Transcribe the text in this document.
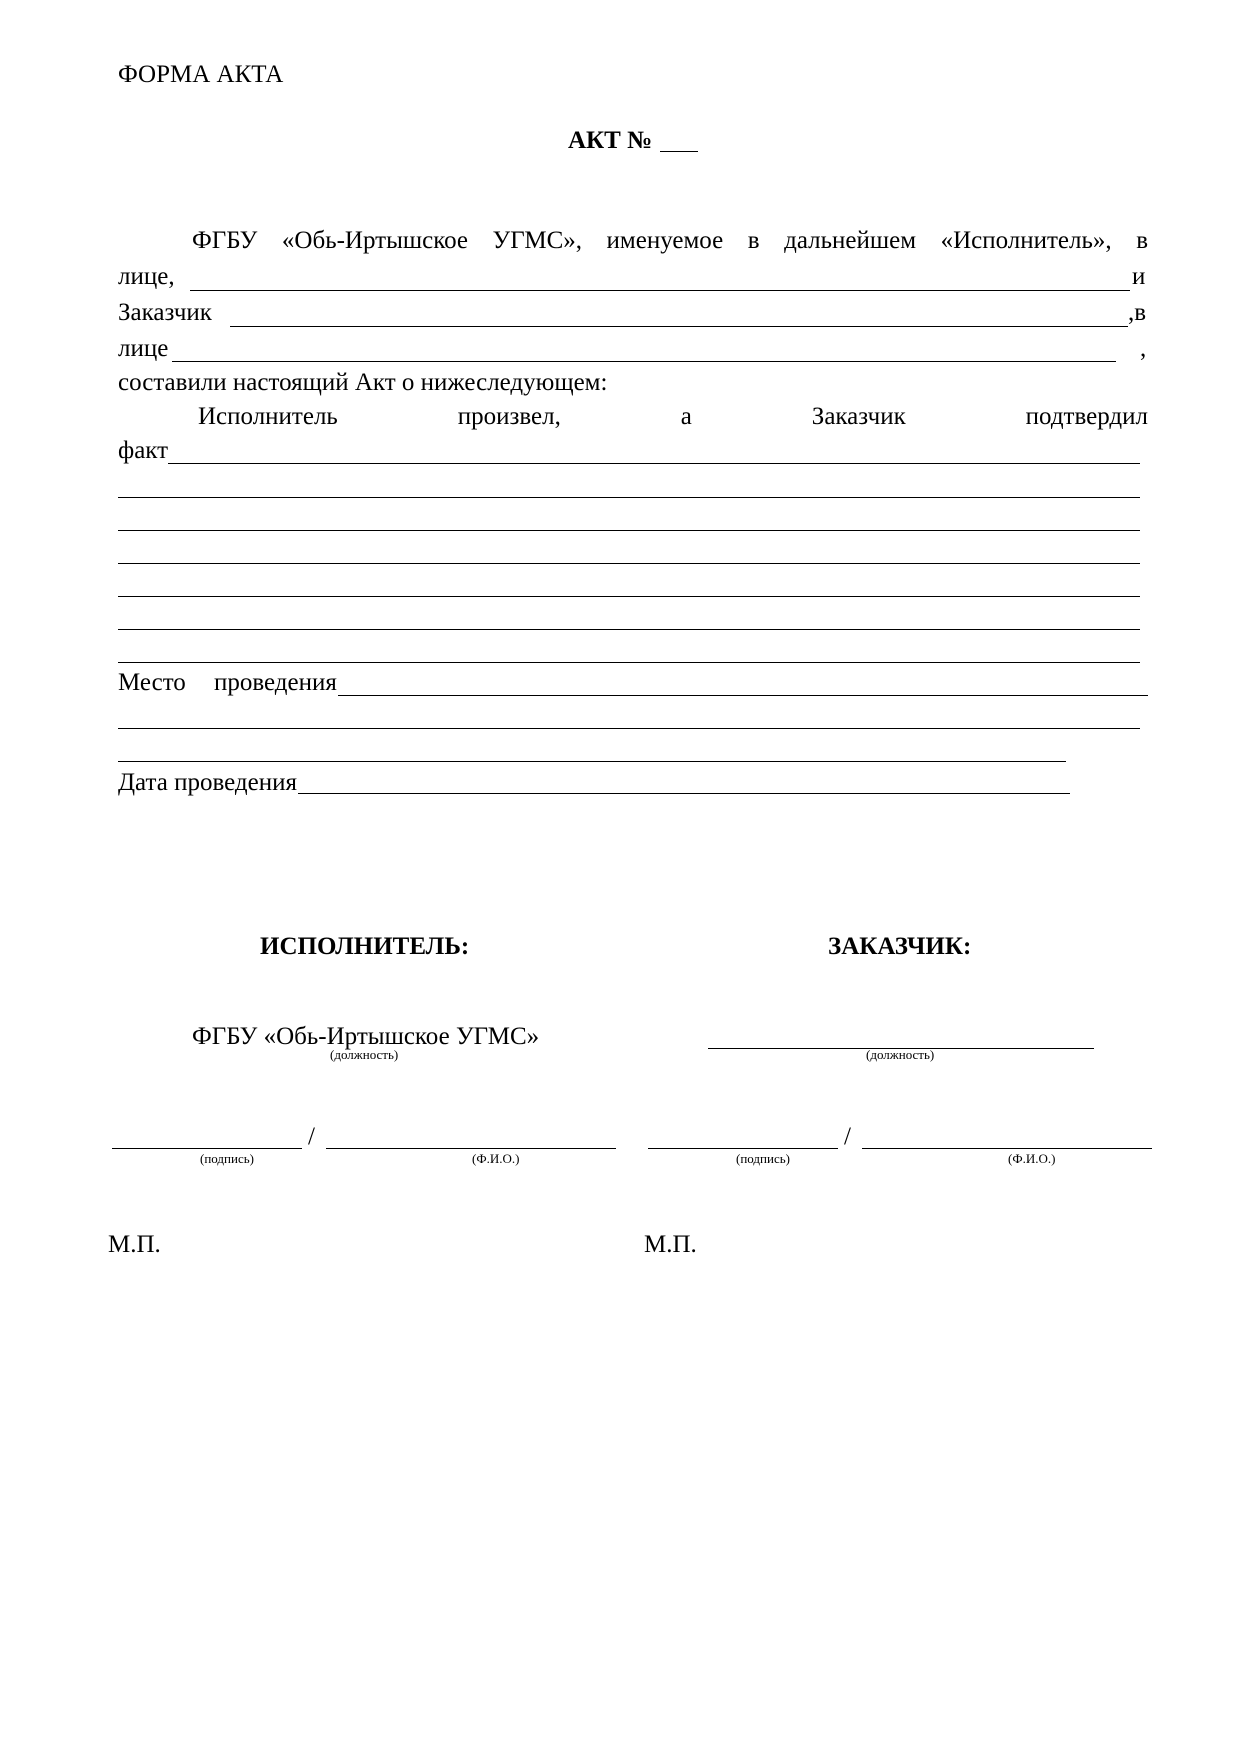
ФОРМА АКТА
АКТ №
ФГБУ «Обь-Иртышское УГМС», именуемое в дальнейшем «Исполнитель», в
лице,	и
Заказчик	,в
лице	,
составили настоящий Акт о нижеследующем:
Исполнитель	произвел,	а	Заказчик	подтвердил
факт
Место проведения
Дата проведения
ИСПОЛНИТЕЛЬ:	ЗАКАЗЧИК:
ФГБУ «Обь-Иртышское УГМС»
(должность)	(должность)
/
(подпись)	(Ф.И.О.)
/
(подпись)	(Ф.И.О.)
М.П.	М.П.
